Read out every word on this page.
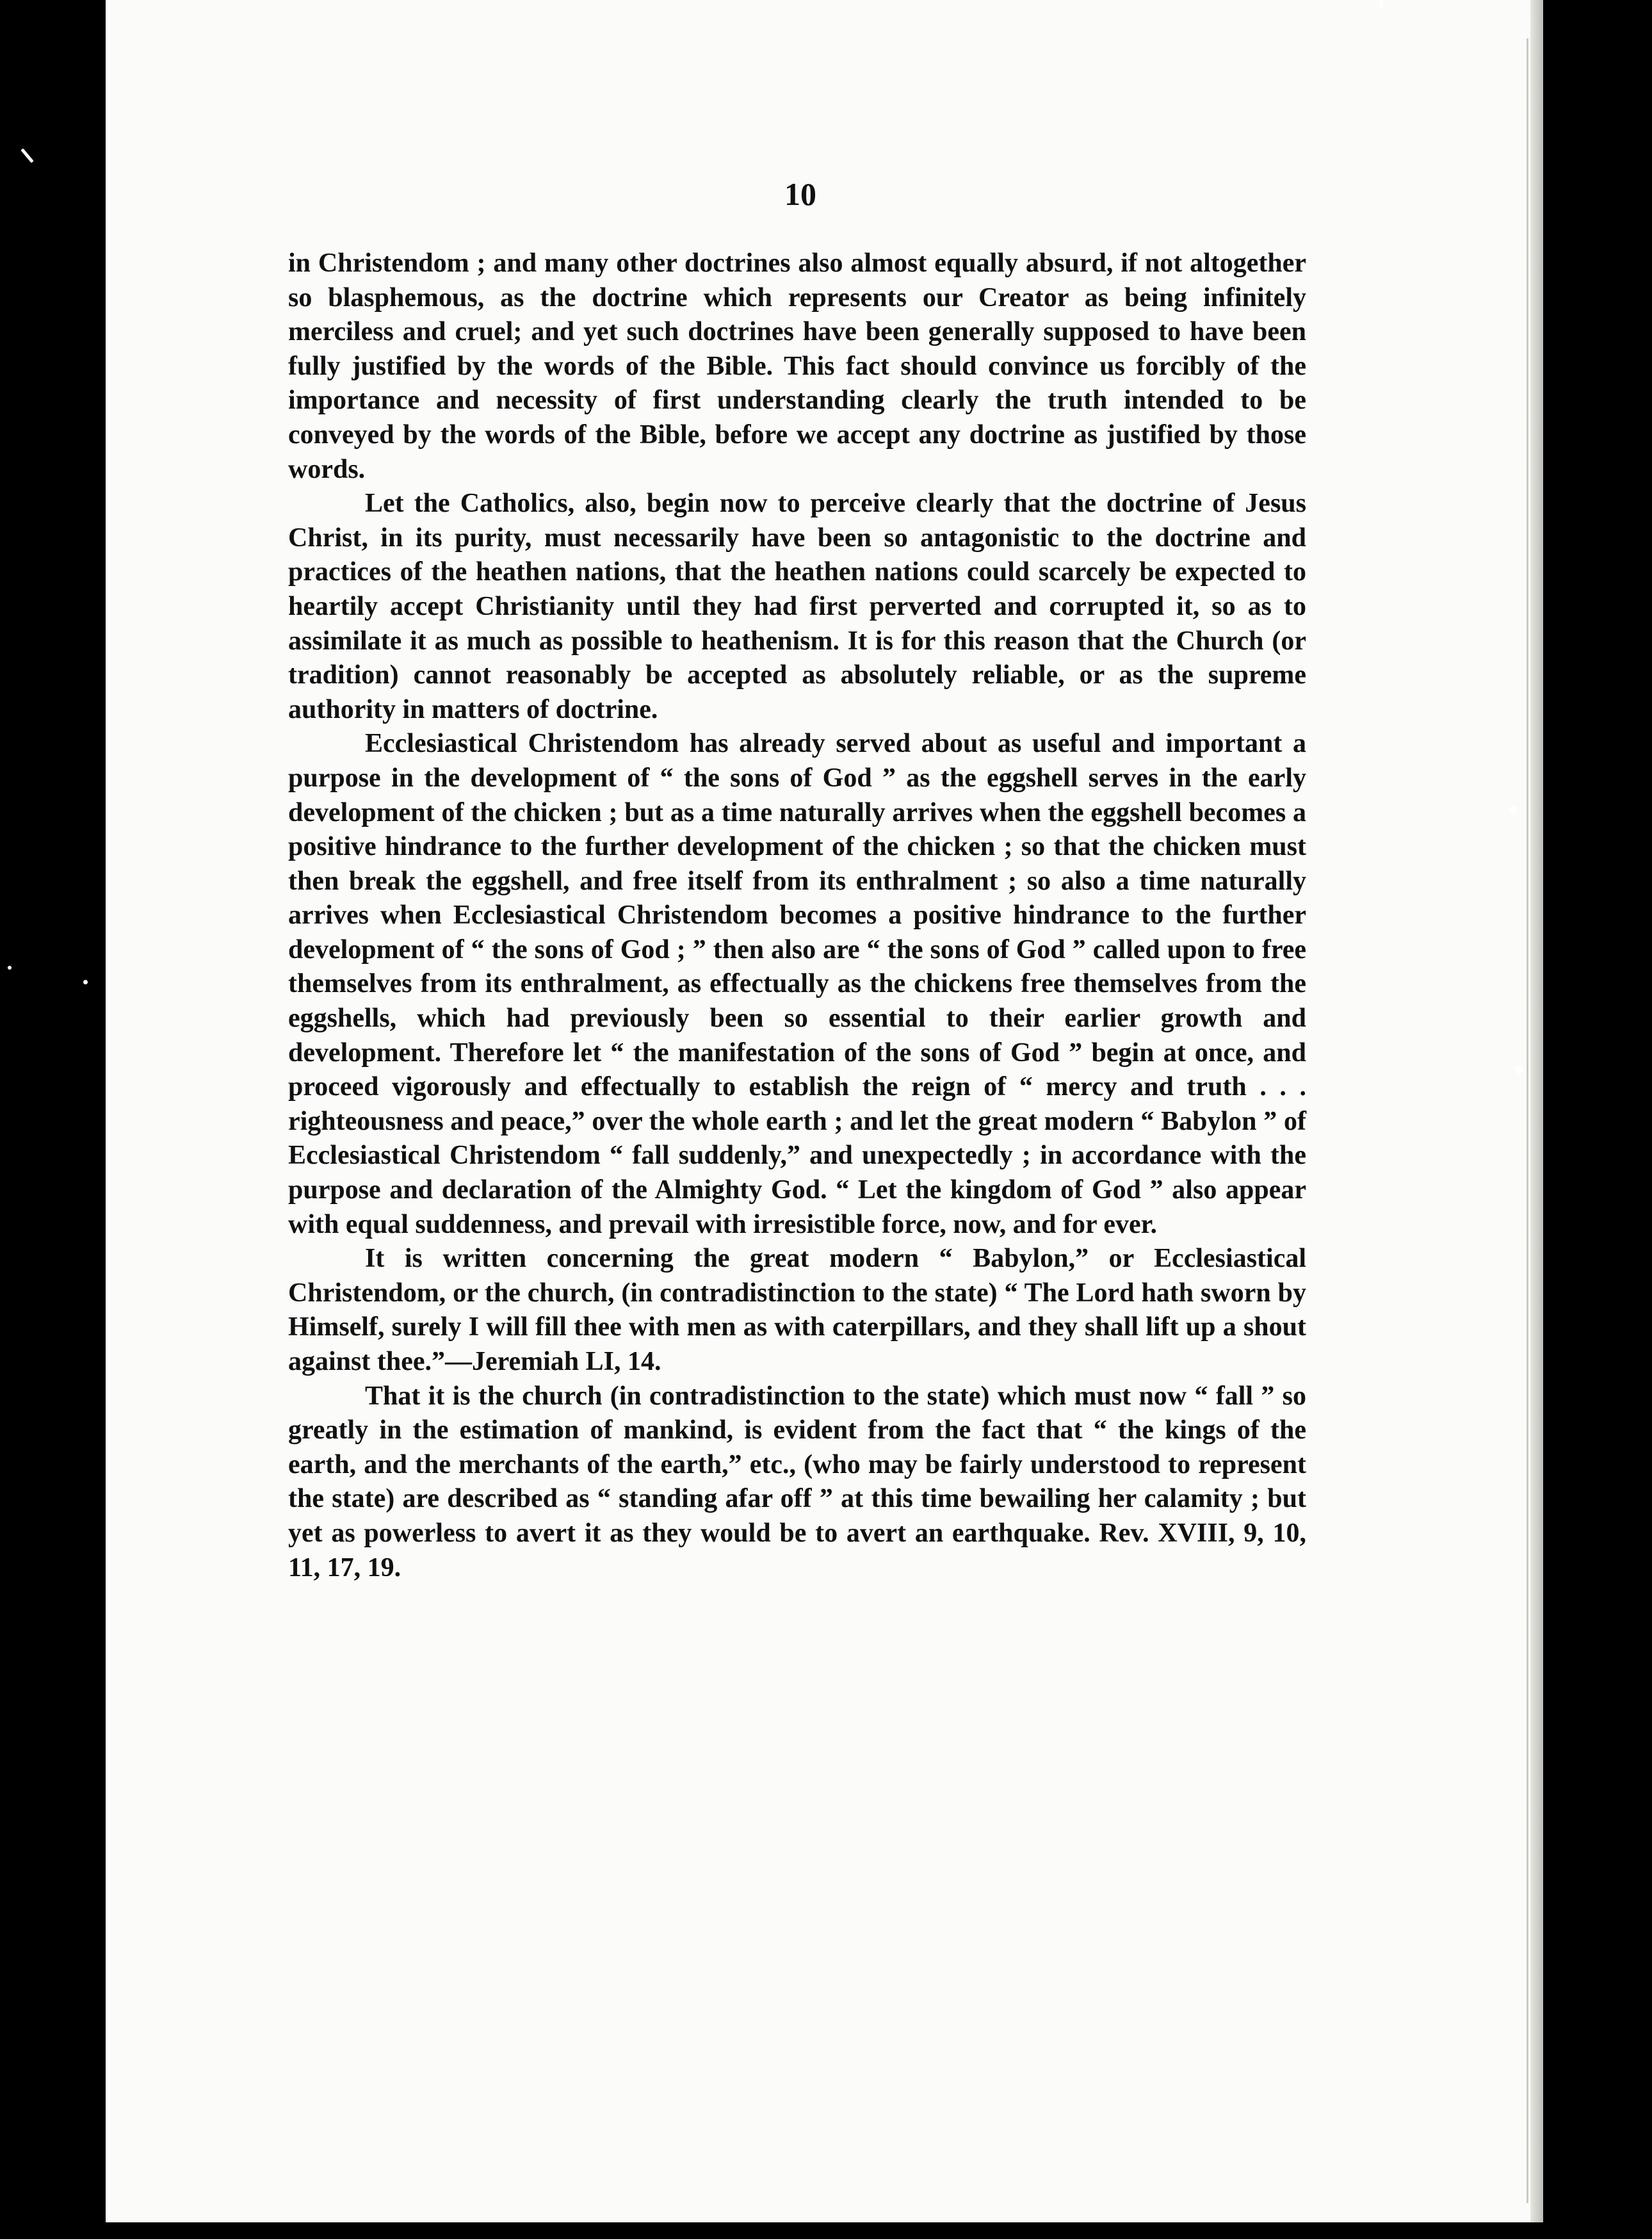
10

in Christendom ; and many other doctrines also almost equally absurd, if not altogether so blasphemous, as the doctrine which represents our Creator as being infinitely merciless and cruel; and yet such doctrines have been generally supposed to have been fully justified by the words of the Bible. This fact should convince us forcibly of the importance and necessity of first understanding clearly the truth intended to be conveyed by the words of the Bible, before we accept any doctrine as justified by those words.

Let the Catholics, also, begin now to perceive clearly that the doctrine of Jesus Christ, in its purity, must necessarily have been so antagonistic to the doctrine and practices of the heathen nations, that the heathen nations could scarcely be expected to heartily accept Christianity until they had first perverted and corrupted it, so as to assimilate it as much as possible to heathenism. It is for this reason that the Church (or tradition) cannot reasonably be accepted as absolutely reliable, or as the supreme authority in matters of doctrine.

Ecclesiastical Christendom has already served about as useful and important a purpose in the development of “ the sons of God ” as the eggshell serves in the early development of the chicken ; but as a time naturally arrives when the eggshell becomes a positive hindrance to the further development of the chicken ; so that the chicken must then break the eggshell, and free itself from its enthralment ; so also a time naturally arrives when Ecclesiastical Christendom becomes a positive hindrance to the further development of “ the sons of God ; ” then also are “ the sons of God ” called upon to free themselves from its enthralment, as effectually as the chickens free themselves from the eggshells, which had previously been so essential to their earlier growth and development. Therefore let “ the manifestation of the sons of God ” begin at once, and proceed vigorously and effectually to establish the reign of “ mercy and truth . . . righteousness and peace,” over the whole earth ; and let the great modern “ Babylon ” of Ecclesiastical Christendom “ fall suddenly,” and unexpectedly ; in accordance with the purpose and declaration of the Almighty God. “ Let the kingdom of God ” also appear with equal suddenness, and prevail with irresistible force, now, and for ever.

It is written concerning the great modern “ Babylon,” or Ecclesiastical Christendom, or the church, (in contradistinction to the state) “ The Lord hath sworn by Himself, surely I will fill thee with men as with caterpillars, and they shall lift up a shout against thee.”—Jeremiah LI, 14.

That it is the church (in contradistinction to the state) which must now “ fall ” so greatly in the estimation of mankind, is evident from the fact that “ the kings of the earth, and the merchants of the earth,” etc., (who may be fairly understood to represent the state) are described as “ standing afar off ” at this time bewailing her calamity ; but yet as powerless to avert it as they would be to avert an earthquake. Rev. XVIII, 9, 10, 11, 17, 19.
